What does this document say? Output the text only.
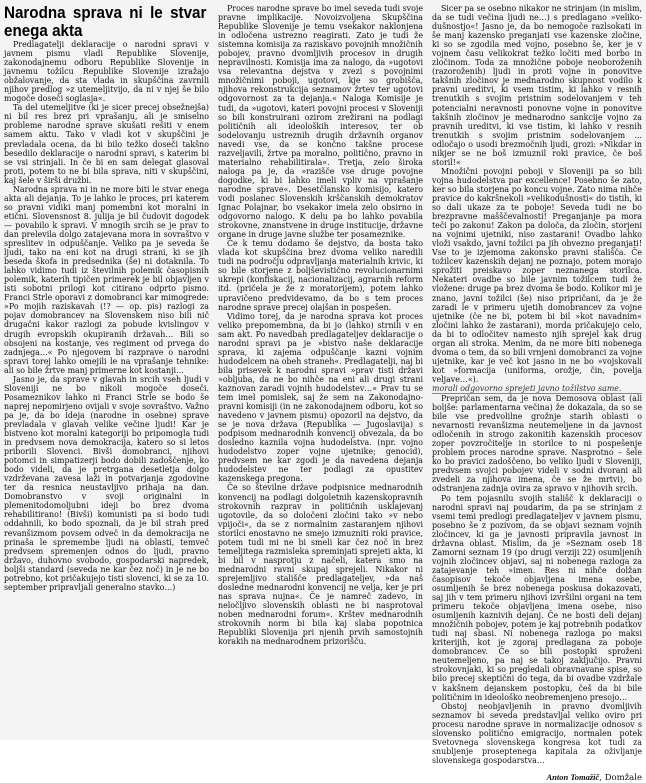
Narodna sprava ni le stvar enega akta

Predlagatelji deklaracije o narodni spravi v javnem pismu vladi Republike Slovenije, zakonodajnemu odboru Republike Slovenije in javnemu tožilcu Republike Slovenije izražajo obžalovanje, da sta vlada in skupščina zavrnili njihov predlog »z utemeljitvijo, da ni v njej še bilo mogoče doseči soglasja«.

Ta del utemeljitve (ki je sicer precej obsežnejša) ni bil res brez pri vprašanju, ali je smiselno probleme narodne sprave skušati rešiti v enem samem aktu. Tako v vladi kot v skupščini je prevladala ocena, da bi bilo težko doseči takšno besedilo deklaracije o narodni spravi, s katerim bi se vsi strinjali. In če bi en sam delegat glasoval proti, potem to ne bi bila sprava, niti v skupščini, kaj šele v širši družbi.

Narodna sprava ni in ne more biti le stvar enega akta ali dejanja. To je lahko le proces, pri katerem so pravni vidiki manj pomembni kot moralni in etični. Slovensnost 8. julija je bil čudovit dogodek — povabilo k spravi. V mnogih srcih se je prav to dan prelevila dolgo zatajevana mora in sovraštvo v spreslitev in odpuščanje. Veliko pa je seveda še ljudi, tako na eni kot na drugi strani, ki se jih beseda škofa in predsednika (še) ni dotaknila. To lahko vidimo tudi iz številnih polemik časopisnih polemik, katerih tipičen primerek je bil objavljen v isti sobotni prilogi kot citirano odprto pismo. Franci Strle oporavi z domobranci kar mimogrede: »Po mojih raziskavah (!? — op. pis) razlogi za pojav domobrancev na Slovenskem niso bili nič drugačni kakor razlogi za pobude kvislingov v drugih evropskih okupiranih državah… Bili so obsojeni na kostanje, ves regiment od prvega do zadnjega…« Po njegovem bi razprave o narodni spravi torej lahko omejili le na vprašanje tehnike: ali so bile žrtve manj primerne kot kostanji…

Jasno je, da sprave v glavah in srcih vseh ljudi v Sloveniji ne bo nikoli mogoče doseči. Posameznikov lahko ni Franci Strle se bodo še naprej nepomirjeno ovijali v svoje sovraštvo. Važno pa je, da bo ideja (narodne in osebne) sprave prevladala v glavah velike večine ljudi! Kar je bistveno kot moralni kategoriji bo pripomogla tudi in predvsem nova demokracija, katero so si letos priborili Slovenci. Bivši domobranci, njihovi potomci in simpatizerji bodo dobili zadoščenje, ko bodo videli, da je pretrgana desetletja dolgo vzdrževana zavesa laži in potvarjanja zgodovine ter da resnica neustavljivo prihaja na dan. Domobranstvo v svoji originalni in plemenitodomoljubni ideji bo brez dvoma rehabilitirano! (Bivši) komunisti pa si bodo tudi oddahnili, ko bodo spoznali, da je bil strah pred revanšizmom povsem odveč in da demokracija ne prinaša le spremembe ljudi na oblasti, temveč predvsem spremenjen odnos do ljudi, pravno državo, duhovno svobodo, gospodarski napredek, boljši standard (seveda ne kar čez noč) in je ne bo potrebno, kot pričakujejo tisti slovenci, ki se za 10. september pripravljali generalno stavko…)

Proces narodne sprave bo imel seveda tudi svoje pravne implikacije. Novoizvoljena Skupščina Republike Slovenije je temu vsekakor naklonjena in odločena ustrezno reagirati. Zato je tudi že sistemna komisija za raziskavo povojnih množičnih pobojev, pravno dvomljivih procesov in drugih nepravilnosti. Komisija ima za nalogo, da »ugotovi vsa relevantna dejstva v zvezi s povojnimi množičnimi poboji, ugotovi, kje so grobišča, njihova rekonstrukcija seznamov žrtev ter ugotovi odgovornost za ta dejanja.« Naloga Komisije je tudi, da »ugotovi, kateri povojni procesi v Sloveniji so bili konstruirani ozirom zrežirani na podlagi političnih ali ideoloških interesov, ter ob sodelovanju ustreznih drugih državnih organov navedi vse, da se končno takšne procese razveljavili, žrtve pa moralno, politično, pravno in materialno rehabilitirala«. Tretja, zelo široka naloga pa je, da »razišče vse druge povojne dogodke, ki bi lahko imeli vpliv na vprašanje narodne sprave«. Desetčlansko komisijo, katero vodi poslanec Slovenskih krščanskih demokratov Ignac Polajnar, bo vsekakor imela zelo obsirno in odgovorno nalogo. K delu pa bo lahko povabila strokovne, znanstvene in druge institucije, državne organe in druge javne službe ter posameznike.

Če k temu dodamo še dejstvo, da bosta tako vlada kot skupščina brez dvoma veliko naredili tudi na področju odpravljanja materialnih krivic, ki so bile storjene z boljševistično revolucionarnimi ukrepi (konfiskacij, nacionalizacij, agrarnih reform itd. (pričela je že z moratorijem), potem lahko upravičeno predvidevamo, da bo s tem proces narodne sprave precej olajšan in pospešen.

Vidimo torej, da je narodna sprava kot proces veliko prepomembna, da bi jo (lahko) strnili v en sam akt. Po navedbah predlagateljev deklaracije o narodni spravi pa je »bistvo naše deklaracije sprava, ki zajema odpuščanje kazni vojnim hudodelcem na obeh straneh«. Predlagatelji, naj bi bila prisevek k narodni spravi »prav tisti državi »obljuba, da ne bo nihče na eni ali drugi strani kaznovan zaradi vojnih hudodelstev…« Prav tu se tem imel pomislek, saj že sem na Zakonodajno-pravni komisiji (in ne zakonodajnem odboru, kot so navedeno v javnem pismu) opozoril na dejstvo, da se je nova država (Republika — Jugoslavija) s podpisom mednarodnih konvencij obvezala, da bo dosledno kaznila vojna hudodelstva. (npr. vojno hudodelstvo zoper vojne ujetnike; genocid), predvsem ne kar zgodi je da navedena dejanja hudodelstev ne ter podlagi za opustitev kazenskega pregona.

Če so številne države podpisnice mednarodnih konvencij na podlagi dolgoletnih kazenskopravnih strokovnih razprav in političnih usklajevanj ugotovile, da so določeni zločini tako »v nebo vpijoči«, da se z normalnim zastaranjem njihovi storilci enostavno ne smejo izmuzniti roki pravice, potem tudi mi ne bi smeli kar čez noč in brez temeljitega razmisleka spreminjati sprejeti akta, ki bi bil v nasprotju z načeli, katera smo na mednarodni ravni skupaj sprejeli. Nikakor ni sprejemljivo stališče predlagateljev, »da naš dosledne mednarodni konvencij ne velja, ker je pri nas sprava nujna«. Če je namreč zadevo, in neločljivo slovenskih oblasti ne bi nasprotoval noben mednarodni forum«. Krštev mednarodnih strokovnih norm bi bila kaj slaba popotnica Republiki Slovenija pri njenih prvih samostojnih korakih na mednarodnem prizorišču.

Sicer pa se osebno nikakor ne strinjam (in mislim, da se tudi večina ljudi ne…) s predlagano »veliko-dušnostjo«! Jasno je, da bo nemogoče razlsokati in še manj kazensko preganjati vse kazenske zločine, ki so se zgodila med vojno, posebno še, ker je v vojnem času velikokrat težko ločiti med borbo in zločinom. Toda za množične poboje neoboroženih (razoroženih) ljudi in proti vojne in ponovitve takšnih zločinov je mednarodno skupnost vodilo k pravni ureditvi, ki vsem tistim, ki lahko v resnih trenutkih s svojim pristnim sodelovanjem v teh potencialni neravnosti ponovne vojne in ponovitve takšnih zločinov je mednarodno sankcije vojno za pravnih ureditvi, ki vse tistim, ki lahko v resnih trenutkih s svojim pristnim sodelovanjem ... odločajo o usodi brezmočnih ljudi, grozi: »Nikdar in nikjer se ne boš izmuznil roki pravice, če boš storil!«

Množični povojni poboji v Sloveniji pa so bili vojna hudodelstva par excellence! Posebno še zato, ker so bila storjena po koncu vojne. Zato nima nihče pravice do kakršnekoli »velikodušnosti« do tistih, ki so dali ukaze za te poboje! Seveda tudi ne bo brezpravne mašščevalnosti! Preganjanje pa mora teči po zakonu! Zakon pa določa, da zločin, storjeni na vojnimi ujetniki, niso zastarani! Ovadbo lahko vloži vsakdo, javni tožilci pa jih obvezno preganjati! Vse to je izjemoma zakonsko pravni stališča. Če tožilcev kazenskih dejanj ne poznajo, potem morajo sprožiti preiskavo zoper neznanega storilca. Nekateri ovadbe so bile javnim tožilcem tudi že vložene: druge pa brez dvoma še bodo. Kolikor mi je znano, javni tožilci (še) niso pripričani, da je že zaradi le v primeru ujetih domobrancev za vojne ujetnike (če ne bi, potem bi bil »kot navadnim« zločini lahko že zastarani), morda pričakujejo celo, da bi to odločitev namesto njih sprejel kak drug organ ali stroka. Menim, da ne more biti nobenega dvoma o tem, da so bili vrnjeni domobranci za vojne ujetnike, kar je več kot jasno in ne bo »vojskovali kot »formacija (uniforma, orožje, čin, povelja veljave…«).

morali odgovorno sprejeti javno tožilstvo same.

Prepričan sem, da je nova Demosova oblast (ali boljše: parlamentarna večina) že dokazala, da so se bile vse predvolilne grožnje starih oblasti o nevarnosti revanšizma neutemeljene in da javnost odločenih in strogo zakonitih kazenskih procesov zoper povzročitelje in storilce to ni pospešenje problem proces narodne sprave. Nasprotno – šele ko bo pravici zadoščeno, bo veliko ljudi v Sloveniji, predvsem svojci pobojev videli v sodni dvorani ali zvedeli za njihova imena, če se že mrtvi), bo odstranjena zadnja ovira za spravo v njihovih srcih.

Po tem pojasnilu svojih stališč k deklaraciji o narodni spravi naj poudarim, da pa se strinjam z vsemi temi predlogi predlagateljev v javnem pismu, posebno še z pozivom, da se objavi seznam vojnih zločincev, ki ga je javnosti pripravila javnost in državna oblast. Mislim, da je »Seznam oseb 18 Zamorni seznam 19 (po drugi verziji 22) osumljenih vojnih zločincev objavi, saj ni nobenega razloga za zatajevanje teh »imen. Res ni nihče dolžan časopisov tekoče objavljena imena osebe, osumljenih še brez nobenega poskusa dokazovati, saj jih v tem primeru njihovi izvršilni organi na tem primeru tekoče objavljena imena osebe, niso osumljenih kaznivih dejanj. Če ne bosti deli dejanj množičnih pobojev, potem je kaj potrebnih podatkov tudi naj sbasi. Ni nobenega razloga po maksi kriterijih, kot je zgoraj predlagana za poboje domobrancev. Če so bili postopki sproženi neutemeljeno, pa naj se takoj zaključijo. Pravni strokovnjaki, ki so pregledali obravnavane spise, so bilo precej skeptični do tega, da bi ovadbe vzdržale v kakšnem dejanskem postopku, češ da bi bile političnim in ideološko neobremenjeno presojo…

Obstoj neobjavljenih in pravno dvomljivih seznamov bi seveda predstavljal veliko oviro pri procesu narodne sprave in normalizacije odnosov s slovensko politično emigracijo, normalen potek Svetovnega slovenskega kongresa kot tudi za snubljenje proseptenega kapitala za oživljanje slovenskega gospodarstva…

Anton Tomažič, Domžale
